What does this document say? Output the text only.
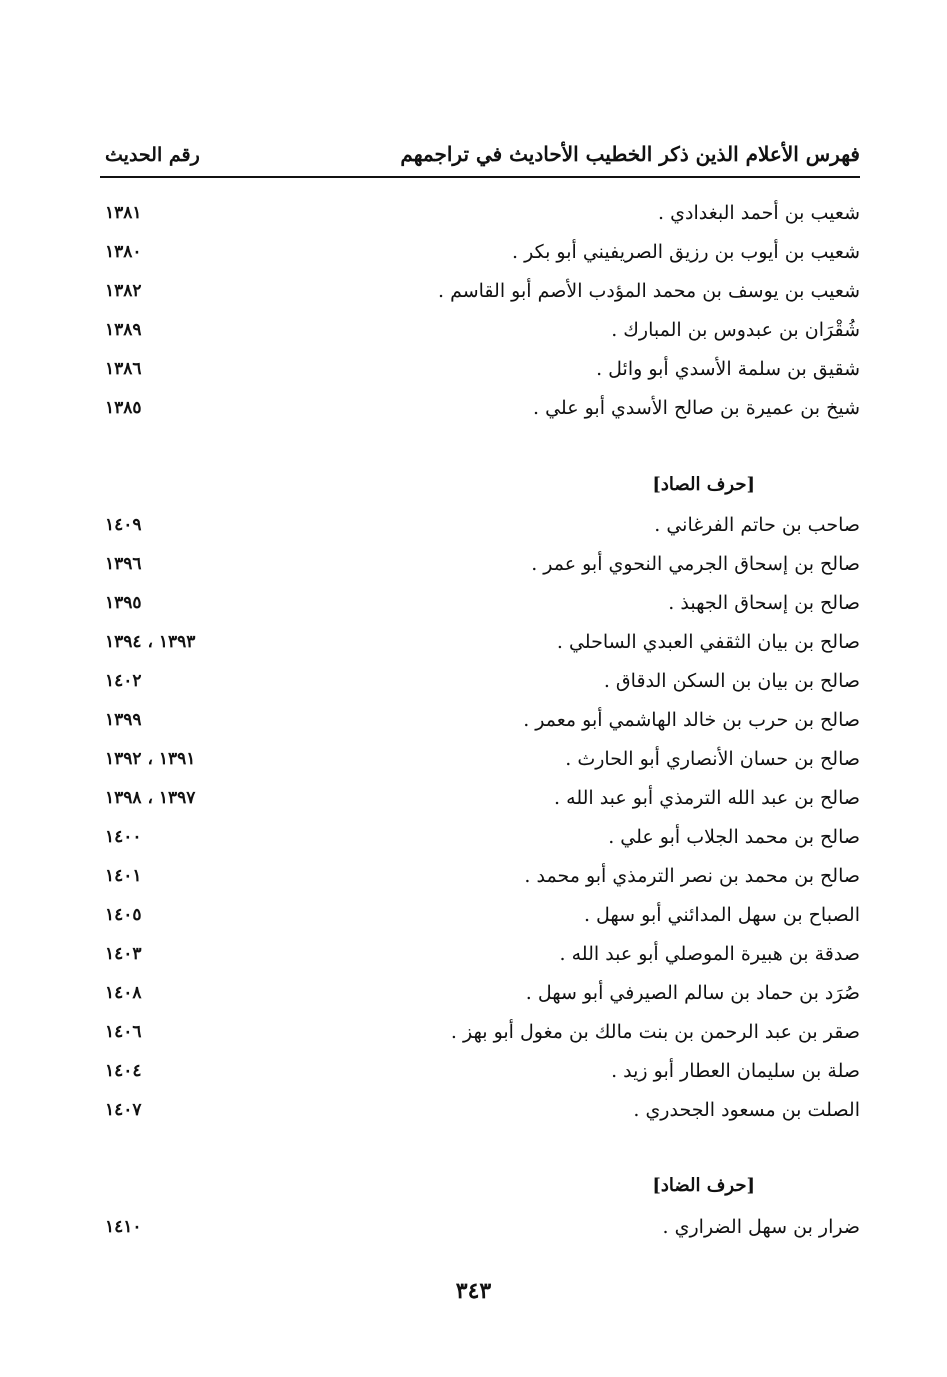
فهرس الأعلام الذين ذكر الخطيب الأحاديث في تراجمهم
رقم الحديث
شعيب بن أحمد البغدادي .
١٣٨١
شعيب بن أيوب بن رزيق الصريفيني أبو بكر .
١٣٨٠
شعيب بن يوسف بن محمد المؤدب الأصم أبو القاسم .
١٣٨٢
شُقْرَان بن عبدوس بن المبارك .
١٣٨٩
شقيق بن سلمة الأسدي أبو وائل .
١٣٨٦
شيخ بن عميرة بن صالح الأسدي أبو علي .
١٣٨٥
[حرف الصاد]
صاحب بن حاتم الفرغاني .
١٤٠٩
صالح بن إسحاق الجرمي النحوي أبو عمر .
١٣٩٦
صالح بن إسحاق الجهبذ .
١٣٩٥
صالح بن بيان الثقفي العبدي الساحلي .
١٣٩٣ ، ١٣٩٤
صالح بن بيان بن السكن الدقاق .
١٤٠٢
صالح بن حرب بن خالد الهاشمي أبو معمر .
١٣٩٩
صالح بن حسان الأنصاري أبو الحارث .
١٣٩١ ، ١٣٩٢
صالح بن عبد الله الترمذي أبو عبد الله .
١٣٩٧ ، ١٣٩٨
صالح بن محمد الجلاب أبو علي .
١٤٠٠
صالح بن محمد بن نصر الترمذي أبو محمد .
١٤٠١
الصباح بن سهل المدائني أبو سهل .
١٤٠٥
صدقة بن هبيرة الموصلي أبو عبد الله .
١٤٠٣
صُرَد بن حماد بن سالم الصيرفي أبو سهل .
١٤٠٨
صقر بن عبد الرحمن بن بنت مالك بن مغول أبو بهز .
١٤٠٦
صلة بن سليمان العطار أبو زيد .
١٤٠٤
الصلت بن مسعود الجحدري .
١٤٠٧
[حرف الضاد]
ضرار بن سهل الضراري .
١٤١٠
٣٤٣
